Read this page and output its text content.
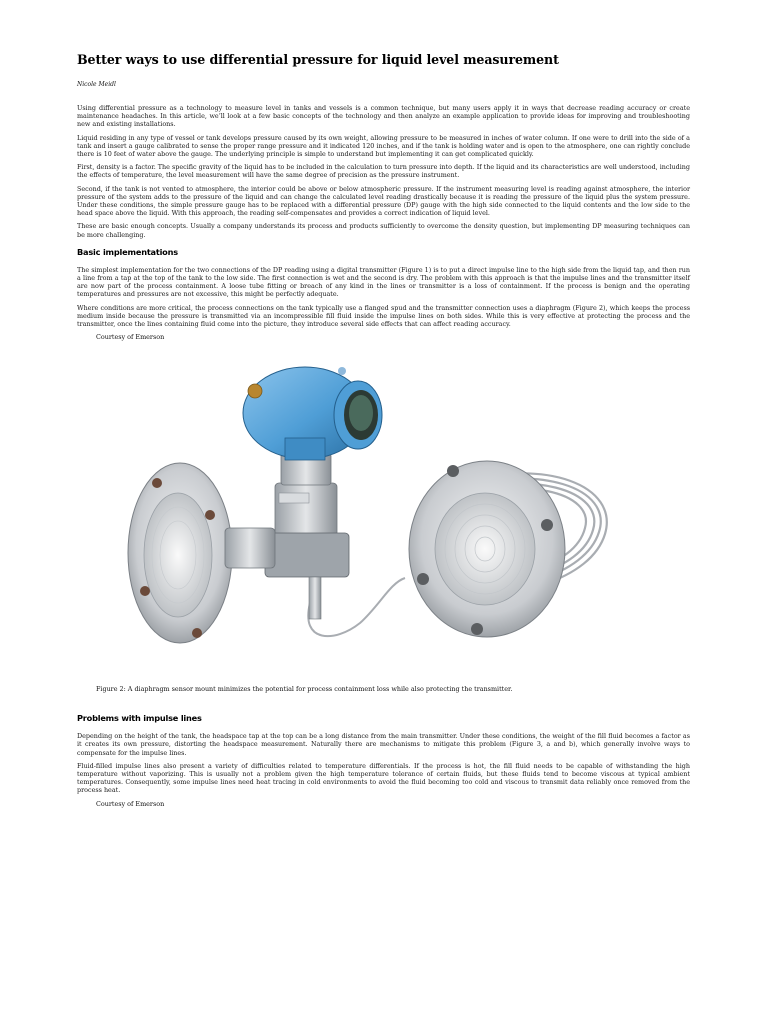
Better ways to use differential pressure for liquid level measurement
Nicole Meidl

Using differential pressure as a technology to measure level in tanks and vessels is a common technique, but many users apply it in ways that decrease reading accuracy or create maintenance headaches. In this article, we’ll look at a few basic concepts of the technology and then analyze an example application to provide ideas for improving and troubleshooting new and existing installations.

Liquid residing in any type of vessel or tank develops pressure caused by its own weight, allowing pressure to be measured in inches of water column. If one were to drill into the side of a tank and insert a gauge calibrated to sense the proper range pressure and it indicated 120 inches, and if the tank is holding water and is open to the atmosphere, one can rightly conclude there is 10 feet of water above the gauge. The underlying principle is simple to understand but implementing it can get complicated quickly.

First, density is a factor. The specific gravity of the liquid has to be included in the calculation to turn pressure into depth. If the liquid and its characteristics are well understood, including the effects of temperature, the level measurement will have the same degree of precision as the pressure instrument.

Second, if the tank is not vented to atmosphere, the interior could be above or below atmospheric pressure. If the instrument measuring level is reading against atmosphere, the interior pressure of the system adds to the pressure of the liquid and can change the calculated level reading drastically because it is reading the pressure of the liquid plus the system pressure. Under these conditions, the simple pressure gauge has to be replaced with a differential pressure (DP) gauge with the high side connected to the liquid contents and the low side to the head space above the liquid. With this approach, the reading self-compensates and provides a correct indication of liquid level.

These are basic enough concepts. Usually a company understands its process and products sufficiently to overcome the density question, but implementing DP measuring techniques can be more challenging.

Basic implementations

The simplest implementation for the two connections of the DP reading using a digital transmitter (Figure 1) is to put a direct impulse line to the high side from the liquid tap, and then run a line from a tap at the top of the tank to the low side. The first connection is wet and the second is dry. The problem with this approach is that the impulse lines and the transmitter itself are now part of the process containment. A loose tube fitting or breach of any kind in the lines or transmitter is a loss of containment. If the process is benign and the operating temperatures and pressures are not excessive, this might be perfectly adequate.

Where conditions are more critical, the process connections on the tank typically use a flanged spud and the transmitter connection uses a diaphragm (Figure 2), which keeps the process medium inside because the pressure is transmitted via an incompressible fill fluid inside the impulse lines on both sides. While this is very effective at protecting the process and the transmitter, once the lines containing fluid come into the picture, they introduce several side effects that can affect reading accuracy.

Courtesy of Emerson
Figure 2: A diaphragm sensor mount minimizes the potential for process containment loss while also protecting the transmitter.
Problems with impulse lines

Depending on the height of the tank, the headspace tap at the top can be a long distance from the main transmitter. Under these conditions, the weight of the fill fluid becomes a factor as it creates its own pressure, distorting the headspace measurement. Naturally there are mechanisms to mitigate this problem (Figure 3, a and b), which generally involve ways to compensate for the impulse lines.

Fluid-filled impulse lines also present a variety of difficulties related to temperature differentials. If the process is hot, the fill fluid needs to be capable of withstanding the high temperature without vaporizing. This is usually not a problem given the high temperature tolerance of certain fluids, but these fluids tend to become viscous at typical ambient temperatures. Consequently, some impulse lines need heat tracing in cold environments to avoid the fluid becoming too cold and viscous to transmit data reliably once removed from the process heat.

Courtesy of Emerson
